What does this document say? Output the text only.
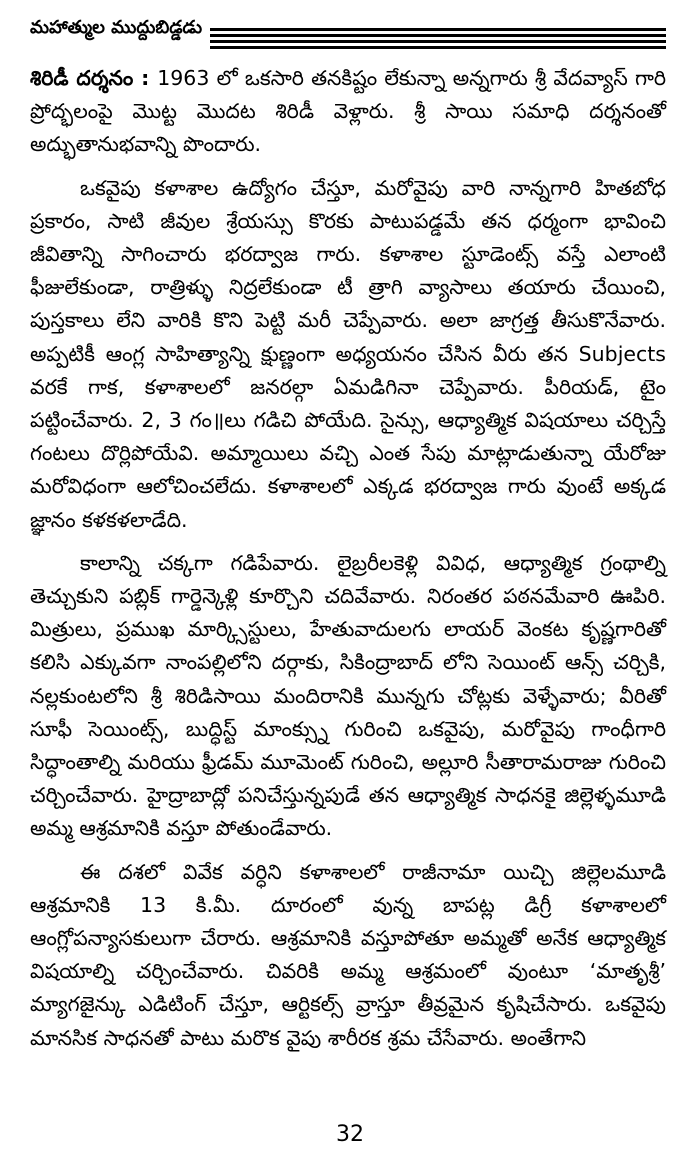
మహాత్ముల ముద్దుబిడ్డడు

శిరిడీ దర్శనం : 1963 లో ఒకసారి తనకిష్టం లేకున్నా అన్నగారు శ్రీ వేదవ్యాస్ గారి ప్రోద్భలంపై మొట్ట మొదట శిరిడీ వెళ్లారు. శ్రీ సాయి సమాధి దర్శనంతో అద్భుతానుభవాన్ని పొందారు.

ఒకవైపు కళాశాల ఉద్యోగం చేస్తూ, మరోవైపు వారి నాన్నగారి హితబోధ ప్రకారం, సాటి జీవుల శ్రేయస్సు కొరకు పాటుపడ్డమే తన ధర్మంగా భావించి జీవితాన్ని సాగించారు భరద్వాజ గారు. కళాశాల స్టూడెంట్స్ వస్తే ఎలాంటి ఫీజులేకుండా, రాత్రిళ్ళు నిద్రలేకుండా టీ త్రాగి వ్యాసాలు తయారు చేయించి, పుస్తకాలు లేని వారికి కొని పెట్టి మరీ చెప్పేవారు. అలా జాగ్రత్త తీసుకొనేవారు. అప్పటికీ ఆంగ్ల సాహిత్యాన్ని క్షుణ్ణంగా అధ్యయనం చేసిన వీరు తన Subjects వరకే గాక, కళాశాలలో జనరల్గా ఏమడిగినా చెప్పేవారు. పీరియడ్, టైం పట్టించేవారు. 2, 3 గం॥లు గడిచి పోయేది. సైన్సు, ఆధ్యాత్మిక విషయాలు చర్చిస్తే గంటలు దొర్లిపోయేవి. అమ్మాయిలు వచ్చి ఎంత సేపు మాట్లాడుతున్నా యేరోజు మరోవిధంగా ఆలోచించలేదు. కళాశాలలో ఎక్కడ భరద్వాజ గారు వుంటే అక్కడ జ్ఞానం కళకళలాడేది.

కాలాన్ని చక్కగా గడిపేవారు. లైబ్రరీలకెళ్లి వివిధ, ఆధ్యాత్మిక గ్రంథాల్ని తెచ్చుకుని పబ్లిక్ గార్డెన్కెళ్లి కూర్చొని చదివేవారు. నిరంతర పఠనమేవారి ఊపిరి. మిత్రులు, ప్రముఖ మార్క్సిస్టులు, హేతువాదులగు లాయర్ వెంకట కృష్ణగారితో కలిసి ఎక్కువగా నాంపల్లిలోని దర్గాకు, సికింద్రాబాద్ లోని సెయింట్ ఆన్స్ చర్చికి, నల్లకుంటలోని శ్రీ శిరిడిసాయి మందిరానికి మున్నగు చోట్లకు వెళ్ళేవారు; వీరితో సూఫీ సెయింట్స్, బుద్ధిస్ట్ మాంక్స్ను గురించి ఒకవైపు, మరోవైపు గాంధీగారి సిద్ధాంతాల్ని మరియు ఫ్రీడమ్ మూమెంట్ గురించి, అల్లూరి సీతారామరాజు గురించి చర్చించేవారు. హైద్రాబాద్లో పనిచేస్తున్నపుడే తన ఆధ్యాత్మిక సాధనకై జిల్లెళ్ళమూడి అమ్మ ఆశ్రమానికి వస్తూ పోతుండేవారు.

ఈ దశలో వివేక వర్ధిని కళాశాలలో రాజీనామా యిచ్చి జిల్లెలమూడి ఆశ్రమానికి 13 కి.మీ. దూరంలో వున్న బాపట్ల డిగ్రీ కళాశాలలో ఆంగ్లోపన్యాసకులుగా చేరారు. ఆశ్రమానికి వస్తూపోతూ అమ్మతో అనేక ఆధ్యాత్మిక విషయాల్ని చర్చించేవారు. చివరికి అమ్మ ఆశ్రమంలో వుంటూ ‘మాతృశ్రీ’ మ్యాగజైన్కు ఎడిటింగ్ చేస్తూ, ఆర్టికల్స్ వ్రాస్తూ తీవ్రమైన కృషిచేసారు. ఒకవైపు మానసిక సాధనతో పాటు మరొక వైపు శారీరక శ్రమ చేసేవారు. అంతేగాని

32
